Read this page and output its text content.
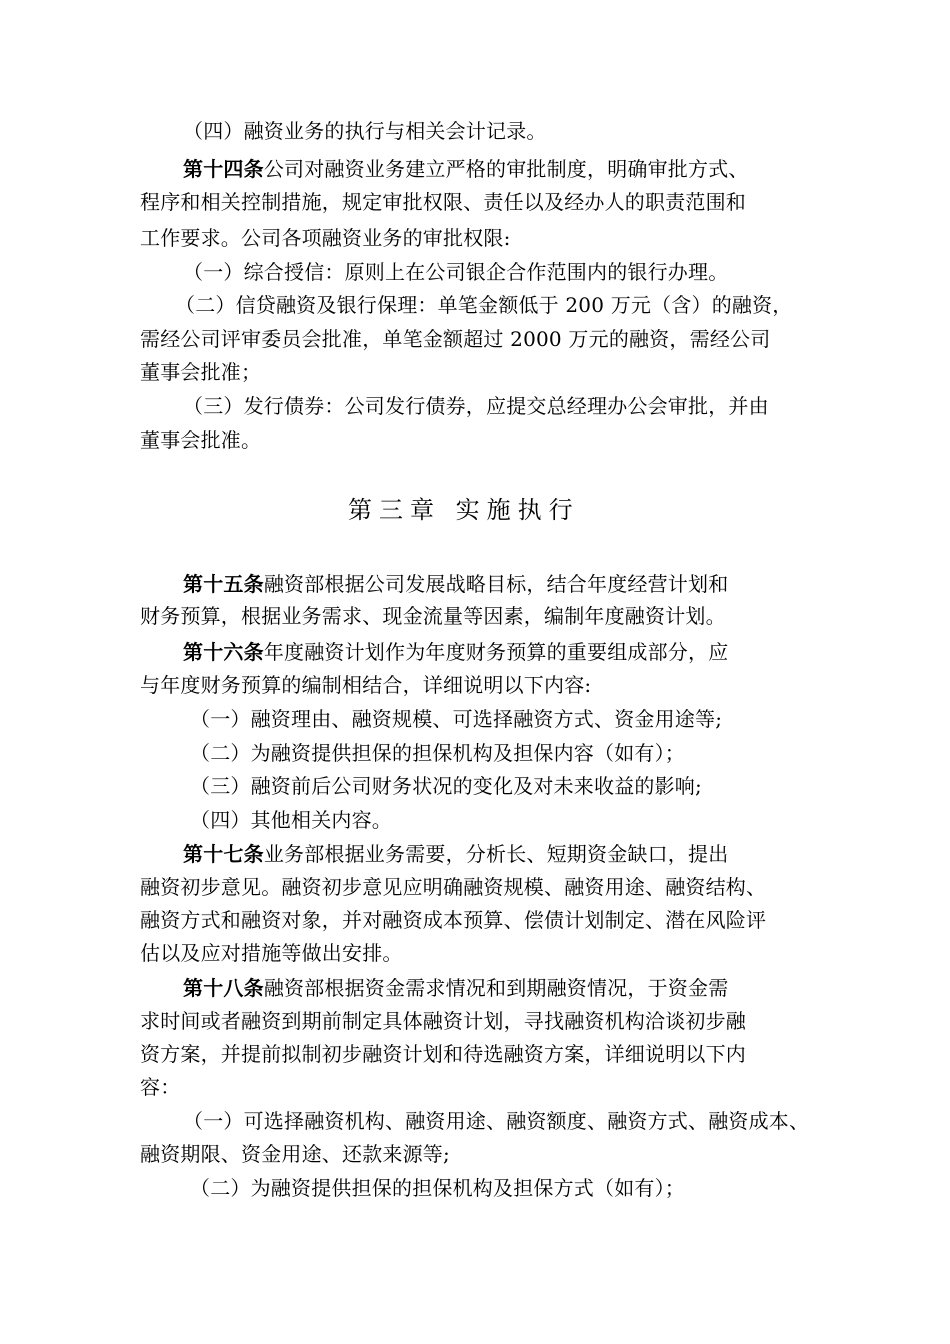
（四）融资业务的执行与相关会计记录。
第十四条公司对融资业务建立严格的审批制度，明确审批方式、
程序和相关控制措施，规定审批权限、责任以及经办人的职责范围和
工作要求。公司各项融资业务的审批权限:
（一）综合授信：原则上在公司银企合作范围内的银行办理。
（二）信贷融资及银行保理：单笔金额低于 200 万元（含）的融资，
需经公司评审委员会批准，单笔金额超过 2000 万元的融资，需经公司
董事会批准；
（三）发行债券：公司发行债券，应提交总经理办公会审批，并由
董事会批准。
第三章 实施执行
第十五条融资部根据公司发展战略目标，结合年度经营计划和
财务预算，根据业务需求、现金流量等因素，编制年度融资计划。
第十六条年度融资计划作为年度财务预算的重要组成部分，应
与年度财务预算的编制相结合，详细说明以下内容:
（一）融资理由、融资规模、可选择融资方式、资金用途等;
（二）为融资提供担保的担保机构及担保内容（如有）；
（三）融资前后公司财务状况的变化及对未来收益的影响;
（四）其他相关内容。
第十七条业务部根据业务需要，分析长、短期资金缺口，提出
融资初步意见。融资初步意见应明确融资规模、融资用途、融资结构、
融资方式和融资对象，并对融资成本预算、偿债计划制定、潜在风险评
估以及应对措施等做出安排。
第十八条融资部根据资金需求情况和到期融资情况，于资金需
求时间或者融资到期前制定具体融资计划，寻找融资机构洽谈初步融
资方案，并提前拟制初步融资计划和待选融资方案，详细说明以下内
容：
（一）可选择融资机构、融资用途、融资额度、融资方式、融资成本、
融资期限、资金用途、还款来源等;
（二）为融资提供担保的担保机构及担保方式（如有）；
